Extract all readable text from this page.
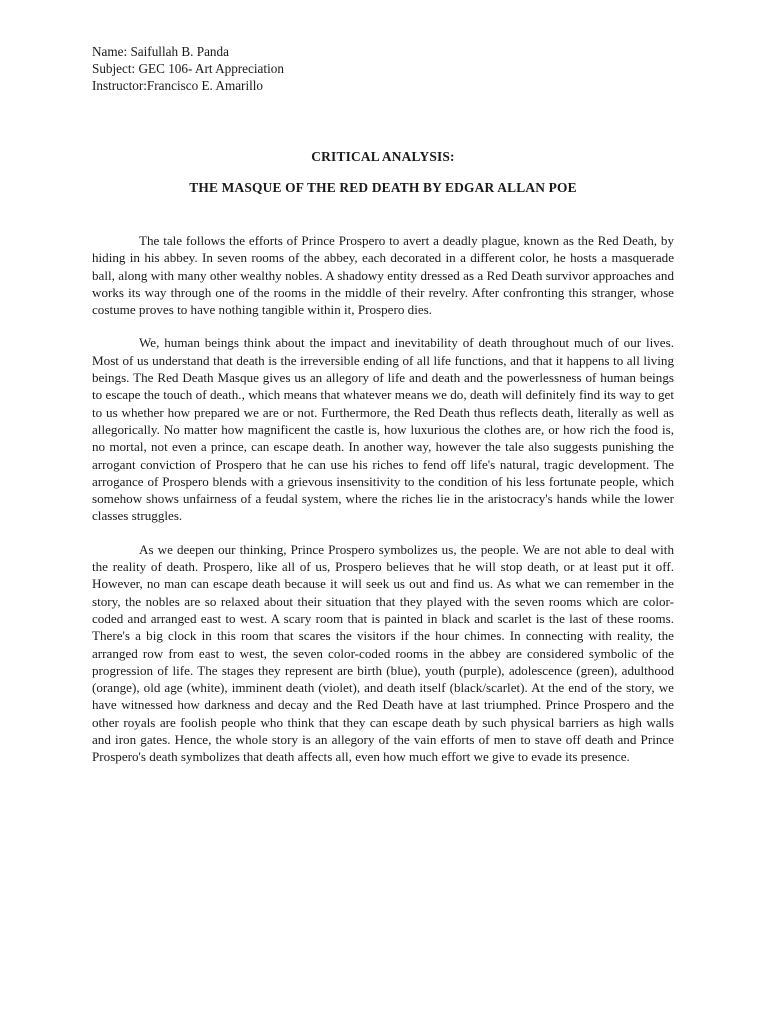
Name: Saifullah B. Panda

Subject: GEC 106- Art Appreciation

Instructor:Francisco E. Amarillo

CRITICAL ANALYSIS:

THE MASQUE OF THE RED DEATH BY EDGAR ALLAN POE

The tale follows the efforts of Prince Prospero to avert a deadly plague, known as the Red Death, by hiding in his abbey. In seven rooms of the abbey, each decorated in a different color, he hosts a masquerade ball, along with many other wealthy nobles. A shadowy entity dressed as a Red Death survivor approaches and works its way through one of the rooms in the middle of their revelry. After confronting this stranger, whose costume proves to have nothing tangible within it, Prospero dies.

We, human beings think about the impact and inevitability of death throughout much of our lives. Most of us understand that death is the irreversible ending of all life functions, and that it happens to all living beings. The Red Death Masque gives us an allegory of life and death and the powerlessness of human beings to escape the touch of death., which means that whatever means we do, death will definitely find its way to get to us whether how prepared we are or not. Furthermore, the Red Death thus reflects death, literally as well as allegorically. No matter how magnificent the castle is, how luxurious the clothes are, or how rich the food is, no mortal, not even a prince, can escape death. In another way, however the tale also suggests punishing the arrogant conviction of Prospero that he can use his riches to fend off life's natural, tragic development. The arrogance of Prospero blends with a grievous insensitivity to the condition of his less fortunate people, which somehow shows unfairness of a feudal system, where the riches lie in the aristocracy's hands while the lower classes struggles.

As we deepen our thinking, Prince Prospero symbolizes us, the people. We are not able to deal with the reality of death. Prospero, like all of us, Prospero believes that he will stop death, or at least put it off. However, no man can escape death because it will seek us out and find us. As what we can remember in the story, the nobles are so relaxed about their situation that they played with the seven rooms which are color-coded and arranged east to west. A scary room that is painted in black and scarlet is the last of these rooms. There's a big clock in this room that scares the visitors if the hour chimes. In connecting with reality, the arranged row from east to west, the seven color-coded rooms in the abbey are considered symbolic of the progression of life. The stages they represent are birth (blue), youth (purple), adolescence (green), adulthood (orange), old age (white), imminent death (violet), and death itself (black/scarlet). At the end of the story, we have witnessed how darkness and decay and the Red Death have at last triumphed. Prince Prospero and the other royals are foolish people who think that they can escape death by such physical barriers as high walls and iron gates. Hence, the whole story is an allegory of the vain efforts of men to stave off death and Prince Prospero's death symbolizes that death affects all, even how much effort we give to evade its presence.
